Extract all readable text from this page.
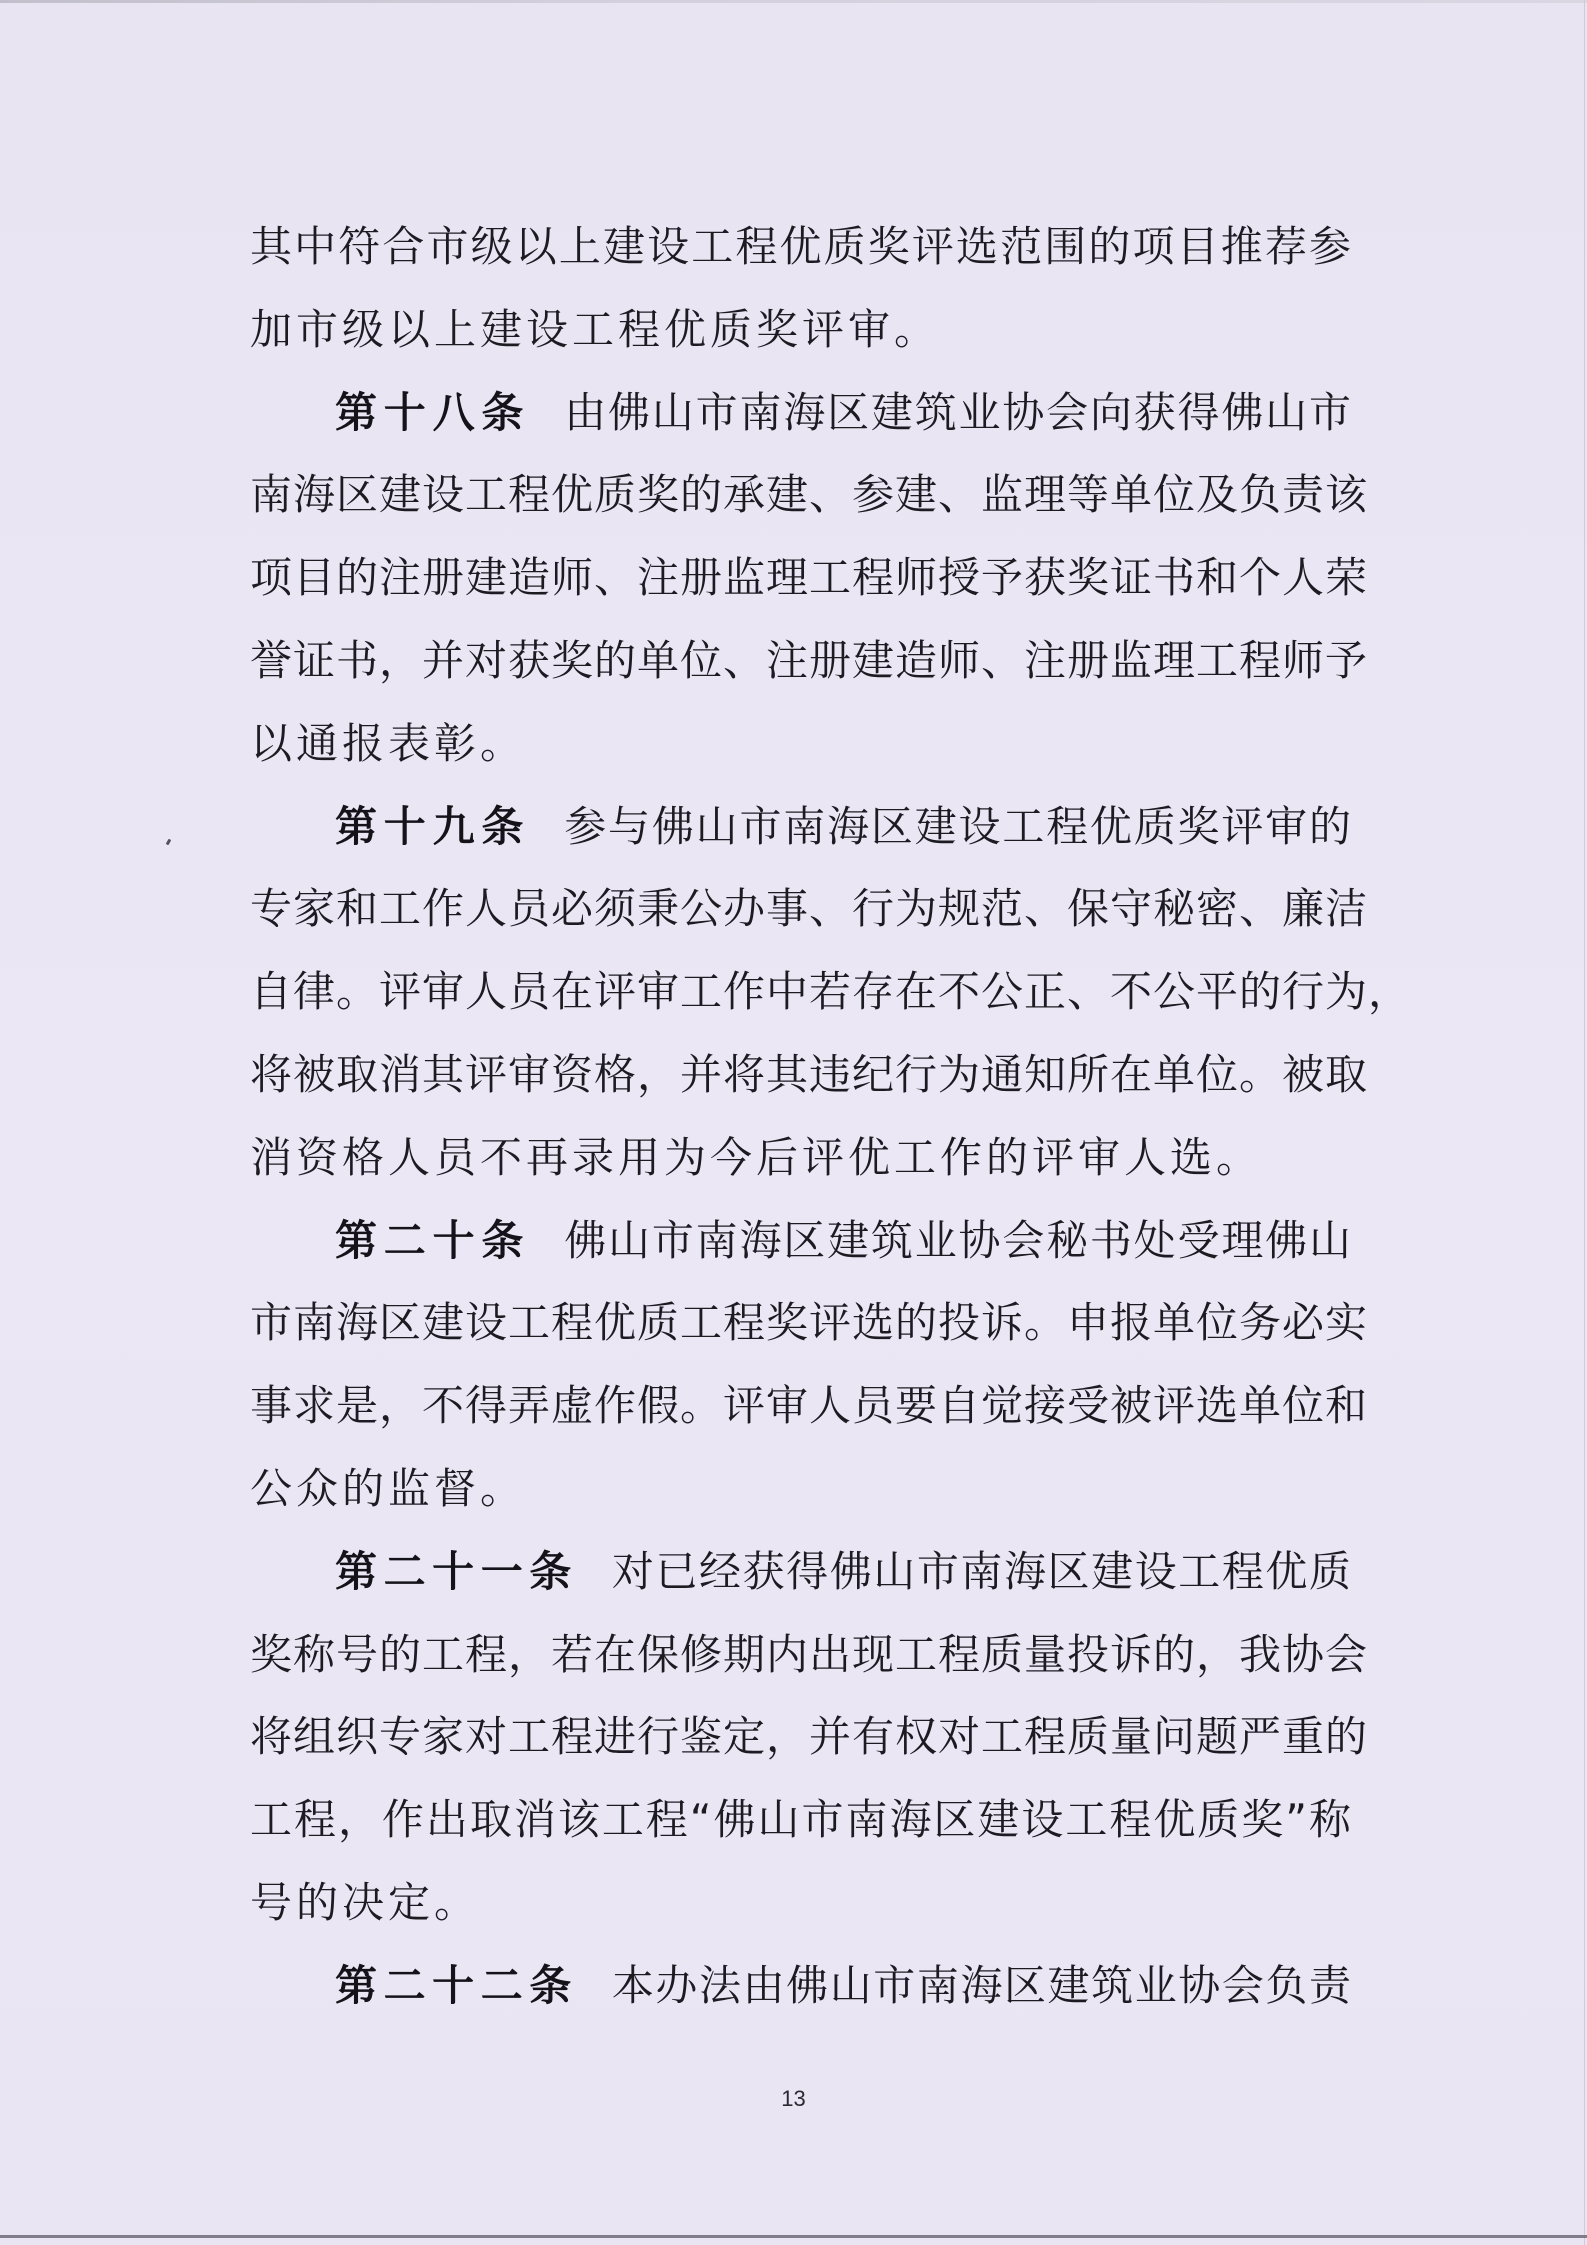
其中符合市级以上建设工程优质奖评选范围的项目推荐参
加市级以上建设工程优质奖评审。
第十八条 由佛山市南海区建筑业协会向获得佛山市
南海区建设工程优质奖的承建、参建、监理等单位及负责该
项目的注册建造师、注册监理工程师授予获奖证书和个人荣
誉证书，并对获奖的单位、注册建造师、注册监理工程师予
以通报表彰。
第十九条 参与佛山市南海区建设工程优质奖评审的
专家和工作人员必须秉公办事、行为规范、保守秘密、廉洁
自律。评审人员在评审工作中若存在不公正、不公平的行为，
将被取消其评审资格，并将其违纪行为通知所在单位。被取
消资格人员不再录用为今后评优工作的评审人选。
第二十条 佛山市南海区建筑业协会秘书处受理佛山
市南海区建设工程优质工程奖评选的投诉。申报单位务必实
事求是，不得弄虚作假。评审人员要自觉接受被评选单位和
公众的监督。
第二十一条 对已经获得佛山市南海区建设工程优质
奖称号的工程，若在保修期内出现工程质量投诉的，我协会
将组织专家对工程进行鉴定，并有权对工程质量问题严重的
工程，作出取消该工程“佛山市南海区建设工程优质奖”称
号的决定。
第二十二条 本办法由佛山市南海区建筑业协会负责
13
